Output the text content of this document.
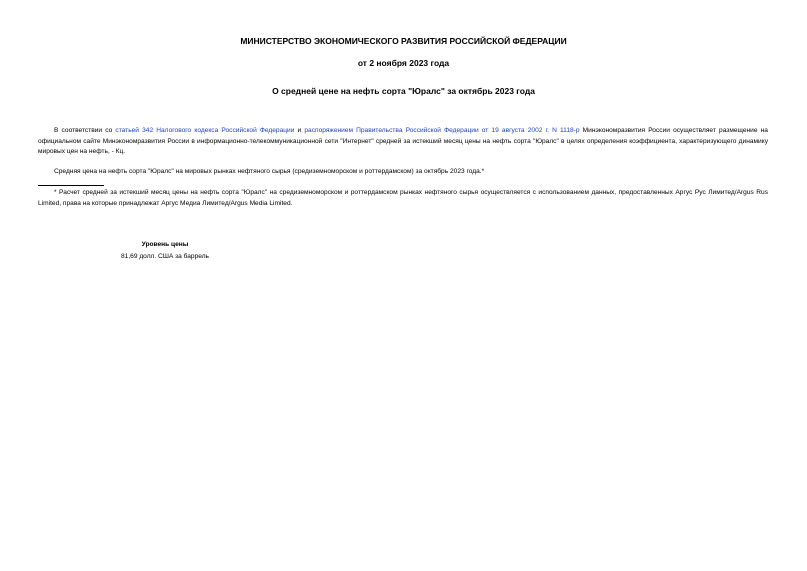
МИНИСТЕРСТВО ЭКОНОМИЧЕСКОГО РАЗВИТИЯ РОССИЙСКОЙ ФЕДЕРАЦИИ
от 2 ноября 2023 года
О средней цене на нефть сорта "Юралс" за октябрь 2023 года
В соответствии со статьей 342 Налогового кодекса Российской Федерации и распоряжением Правительства Российской Федерации от 19 августа 2002 г. N 1118-р Минэкономразвития России осуществляет размещение на официальном сайте Минэкономразвития России в информационно-телекоммуникационной сети "Интернет" средней за истекший месяц цены на нефть сорта "Юралс" в целях определения коэффициента, характеризующего динамику мировых цен на нефть, - Кц.
Средняя цена на нефть сорта "Юралс" на мировых рынках нефтяного сырья (средиземноморском и роттердамском) за октябрь 2023 года.*
* Расчет средней за истекший месяц цены на нефть сорта "Юралс" на средиземноморском и роттердамском рынках нефтяного сырья осуществляется с использованием данных, предоставленных Аргус Рус Лимитед/Argus Rus Limited, права на которые принадлежат Аргус Медиа Лимитед/Argus Media Limited.
Уровень цены
81,69 долл. США за баррель
